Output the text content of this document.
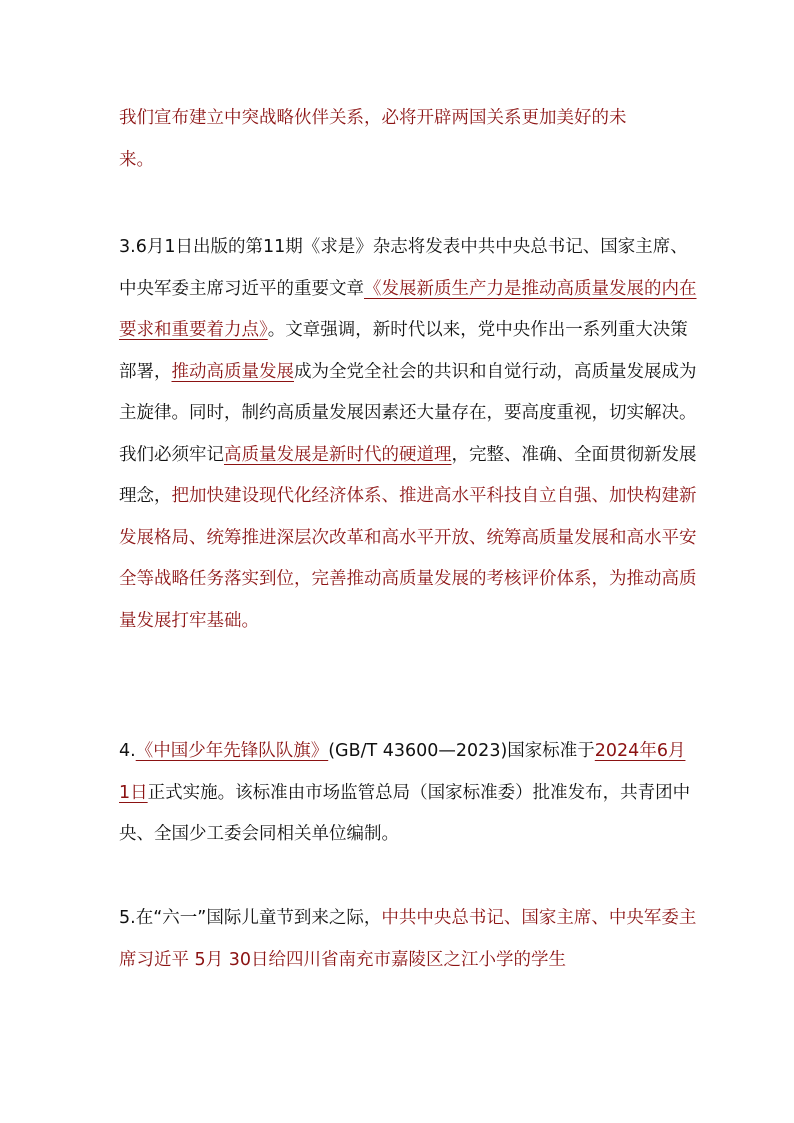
我们宣布建立中突战略伙伴关系，必将开辟两国关系更加美好的未
来。
3.6月1日出版的第11期《求是》杂志将发表中共中央总书记、国家主席、中央军委主席习近平的重要文章《发展新质生产力是推动高质量发展的内在要求和重要着力点》。文章强调，新时代以来，党中央作出一系列重大决策部署，推动高质量发展成为全党全社会的共识和自觉行动，高质量发展成为主旋律。同时，制约高质量发展因素还大量存在，要高度重视，切实解决。我们必须牢记高质量发展是新时代的硬道理，完整、准确、全面贯彻新发展理念，把加快建设现代化经济体系、推进高水平科技自立自强、加快构建新发展格局、统筹推进深层次改革和高水平开放、统筹高质量发展和高水平安全等战略任务落实到位，完善推动高质量发展的考核评价体系，为推动高质量发展打牢基础。
4.《中国少年先锋队队旗》(GB/T 43600—2023)国家标准于2024年6月 1日正式实施。该标准由市场监管总局（国家标准委）批准发布，共青团中央、全国少工委会同相关单位编制。
5.在“六一”国际儿童节到来之际，中共中央总书记、国家主席、中央军委主席习近平 5月 30日给四川省南充市嘉陵区之江小学的学生
